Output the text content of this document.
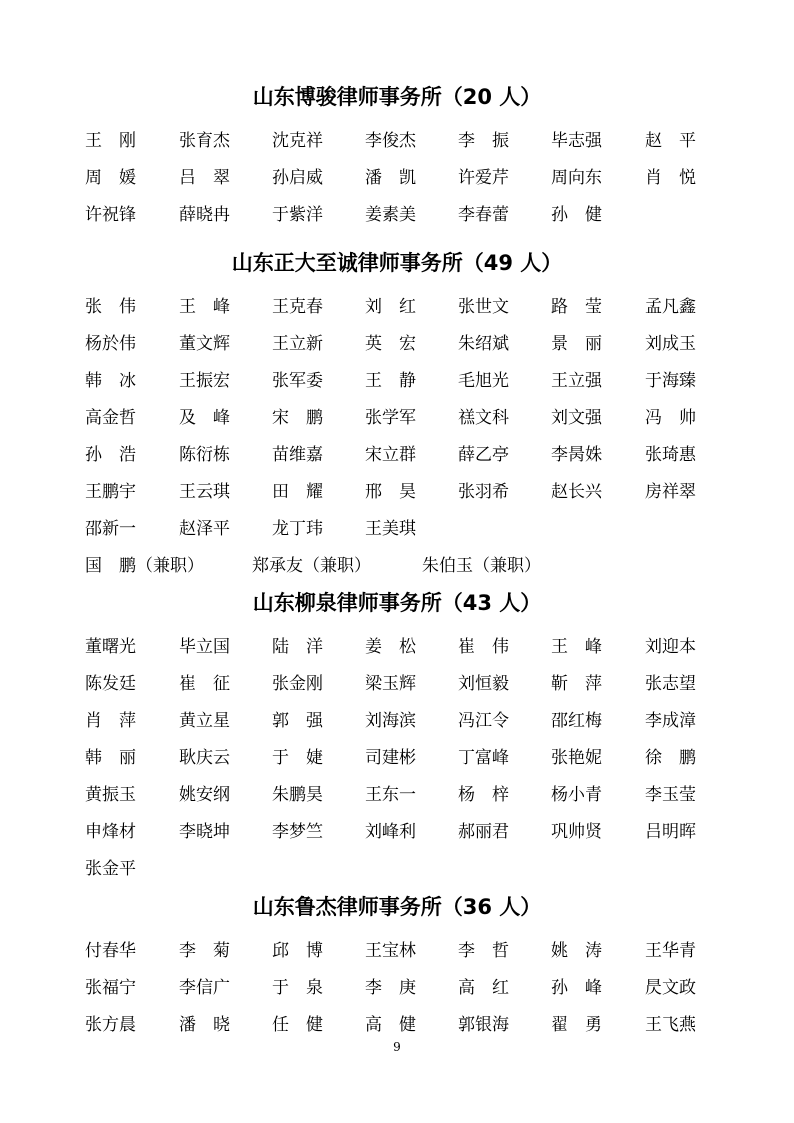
9
山东博骏律师事务所（20 人）
王　刚	张育杰 沈克祥 李俊杰 李　振 毕志强	赵　平
周　媛	吕　翠 孙启威 潘　凯 许爱芹 周向东	肖　悦
许祝锋	薛晓冉 于紫洋 姜素美 李春蕾 孙　健
山东正大至诚律师事务所（49 人）
张　伟	王　峰 王克春 刘　红 张世文 路　莹	孟凡鑫
杨於伟	董文辉 王立新 英　宏 朱绍斌 景　丽	刘成玉
韩　冰	王振宏 张军委 王　静 毛旭光 王立强	于海臻
高金哲	及　峰 宋　鹏 张学军 禚文科 刘文强	冯　帅
孙　浩	陈衍栋 苗维嘉 宋立群 薛乙亭 李昺姝	张琦惠
王鹏宇	王云琪 田　耀 邢　昊 张羽希 赵长兴	房祥翠
邵新一	赵泽平 龙丁玮 王美琪
国　鹏（兼职）	郑承友（兼职）	朱伯玉（兼职）
山东柳泉律师事务所（43 人）
董曙光	毕立国 陆　洋 姜　松 崔　伟 王　峰	刘迎本
陈发廷	崔　征 张金刚 梁玉辉 刘恒毅 靳　萍	张志望
肖　萍	黄立星 郭　强 刘海滨 冯江令 邵红梅	李成漳
韩　丽	耿庆云 于　婕 司建彬 丁富峰 张艳妮	徐　鹏
黄振玉	姚安纲 朱鹏昊 王东一 杨　梓 杨小青	李玉莹
申烽材	李晓坤 李梦竺 刘峰利 郝丽君 巩帅贤	吕明晖
张金平
山东鲁杰律师事务所（36 人）
付春华	李　菊 邱　博 王宝林 李　哲 姚　涛	王华青
张福宁	李信广 于　泉 李　庚 高　红 孙　峰	昃文政
张方晨	潘　晓 任　健 高　健 郭银海 翟　勇	王飞燕
